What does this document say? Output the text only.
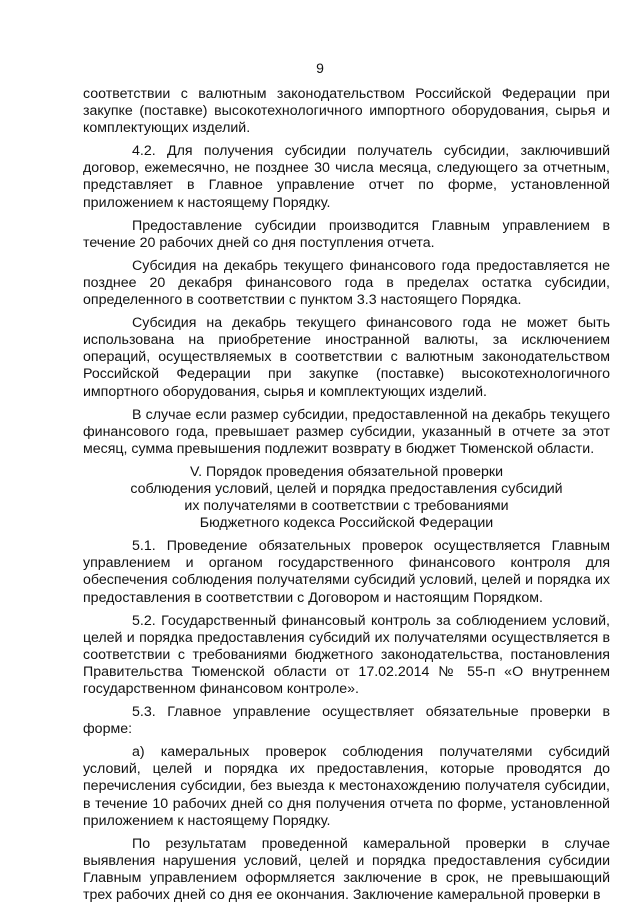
9

соответствии с валютным законодательством Российской Федерации при закупке (поставке) высокотехнологичного импортного оборудования, сырья и комплектующих изделий.

4.2. Для получения субсидии получатель субсидии, заключивший договор, ежемесячно, не позднее 30 числа месяца, следующего за отчетным, представляет в Главное управление отчет по форме, установленной приложением к настоящему Порядку.

Предоставление субсидии производится Главным управлением в течение 20 рабочих дней со дня поступления отчета.

Субсидия на декабрь текущего финансового года предоставляется не позднее 20 декабря финансового года в пределах остатка субсидии, определенного в соответствии с пунктом 3.3 настоящего Порядка.

Субсидия на декабрь текущего финансового года не может быть использована на приобретение иностранной валюты, за исключением операций, осуществляемых в соответствии с валютным законодательством Российской Федерации при закупке (поставке) высокотехнологичного импортного оборудования, сырья и комплектующих изделий.

В случае если размер субсидии, предоставленной на декабрь текущего финансового года, превышает размер субсидии, указанный в отчете за этот месяц, сумма превышения подлежит возврату в бюджет Тюменской области.

V. Порядок проведения обязательной проверки
соблюдения условий, целей и порядка предоставления субсидий
их получателями в соответствии с требованиями
Бюджетного кодекса Российской Федерации

5.1. Проведение обязательных проверок осуществляется Главным управлением и органом государственного финансового контроля для обеспечения соблюдения получателями субсидий условий, целей и порядка их предоставления в соответствии с Договором и настоящим Порядком.

5.2. Государственный финансовый контроль за соблюдением условий, целей и порядка предоставления субсидий их получателями осуществляется в соответствии с требованиями бюджетного законодательства, постановления Правительства Тюменской области от 17.02.2014 № 55-п «О внутреннем государственном финансовом контроле».

5.3. Главное управление осуществляет обязательные проверки в форме:

а) камеральных проверок соблюдения получателями субсидий условий, целей и порядка их предоставления, которые проводятся до перечисления субсидии, без выезда к местонахождению получателя субсидии, в течение 10 рабочих дней со дня получения отчета по форме, установленной приложением к настоящему Порядку.

По результатам проведенной камеральной проверки в случае выявления нарушения условий, целей и порядка предоставления субсидии Главным управлением оформляется заключение в срок, не превышающий трех рабочих дней со дня ее окончания. Заключение камеральной проверки в
